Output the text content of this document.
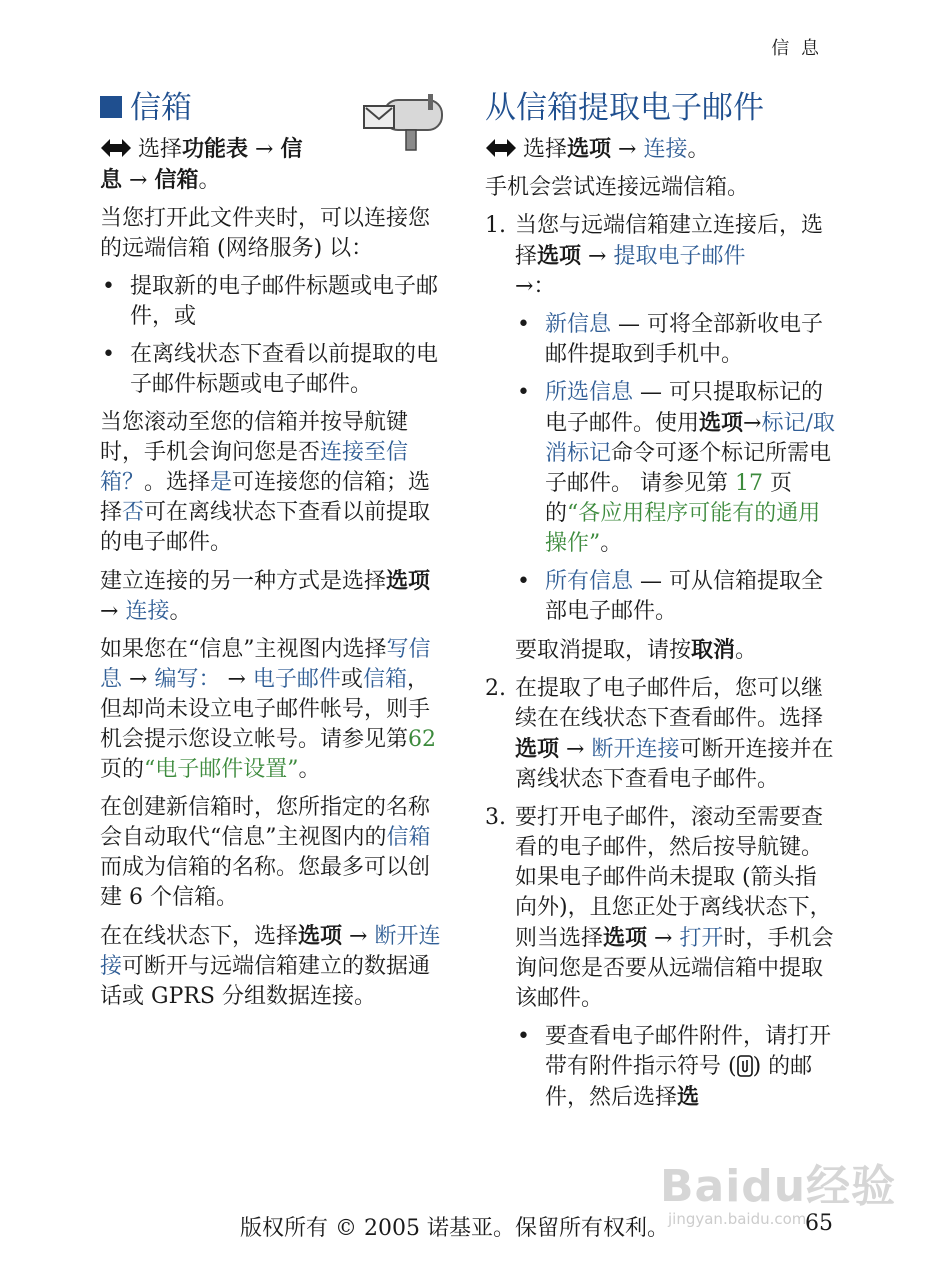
信 息
信箱

选择功能表 → 信
息 → 信箱。

当您打开此文件夹时，可以连接您的远端信箱 (网络服务) 以：

• 提取新的电子邮件标题或电子邮件，或
• 在离线状态下查看以前提取的电子邮件标题或电子邮件。

当您滚动至您的信箱并按导航键时，手机会询问您是否连接至信箱？。选择是可连接您的信箱；选择否可在离线状态下查看以前提取的电子邮件。

建立连接的另一种方式是选择选项 → 连接。

如果您在“信息”主视图内选择写信息 → 编写： → 电子邮件或信箱，但却尚未设立电子邮件帐号，则手机会提示您设立帐号。请参见第62 页的“电子邮件设置”。

在创建新信箱时，您所指定的名称会自动取代“信息”主视图内的信箱而成为信箱的名称。您最多可以创建 6 个信箱。

在在线状态下，选择选项 → 断开连接可断开与远端信箱建立的数据通话或 GPRS 分组数据连接。

从信箱提取电子邮件

选择选项 → 连接。

手机会尝试连接远端信箱。

1. 当您与远端信箱建立连接后，选择选项 → 提取电子邮件
→：

• 新信息 — 可将全部新收电子邮件提取到手机中。
• 所选信息 — 可只提取标记的电子邮件。使用选项→标记/取消标记命令可逐个标记所需电子邮件。 请参见第 17 页的“各应用程序可能有的通用操作”。
• 所有信息 — 可从信箱提取全部电子邮件。

要取消提取，请按取消。

2. 在提取了电子邮件后，您可以继续在在线状态下查看邮件。选择选项 → 断开连接可断开连接并在离线状态下查看电子邮件。

3. 要打开电子邮件，滚动至需要查看的电子邮件，然后按导航键。如果电子邮件尚未提取 (箭头指向外)，且您正处于离线状态下，则当选择选项 → 打开时，手机会询问您是否要从远端信箱中提取该邮件。

• 要查看电子邮件附件，请打开带有附件指示符号 ( ) 的邮件，然后选择选
Baidu经验
jingyan.baidu.com
版权所有 © 2005 诺基亚。保留所有权利。	65
